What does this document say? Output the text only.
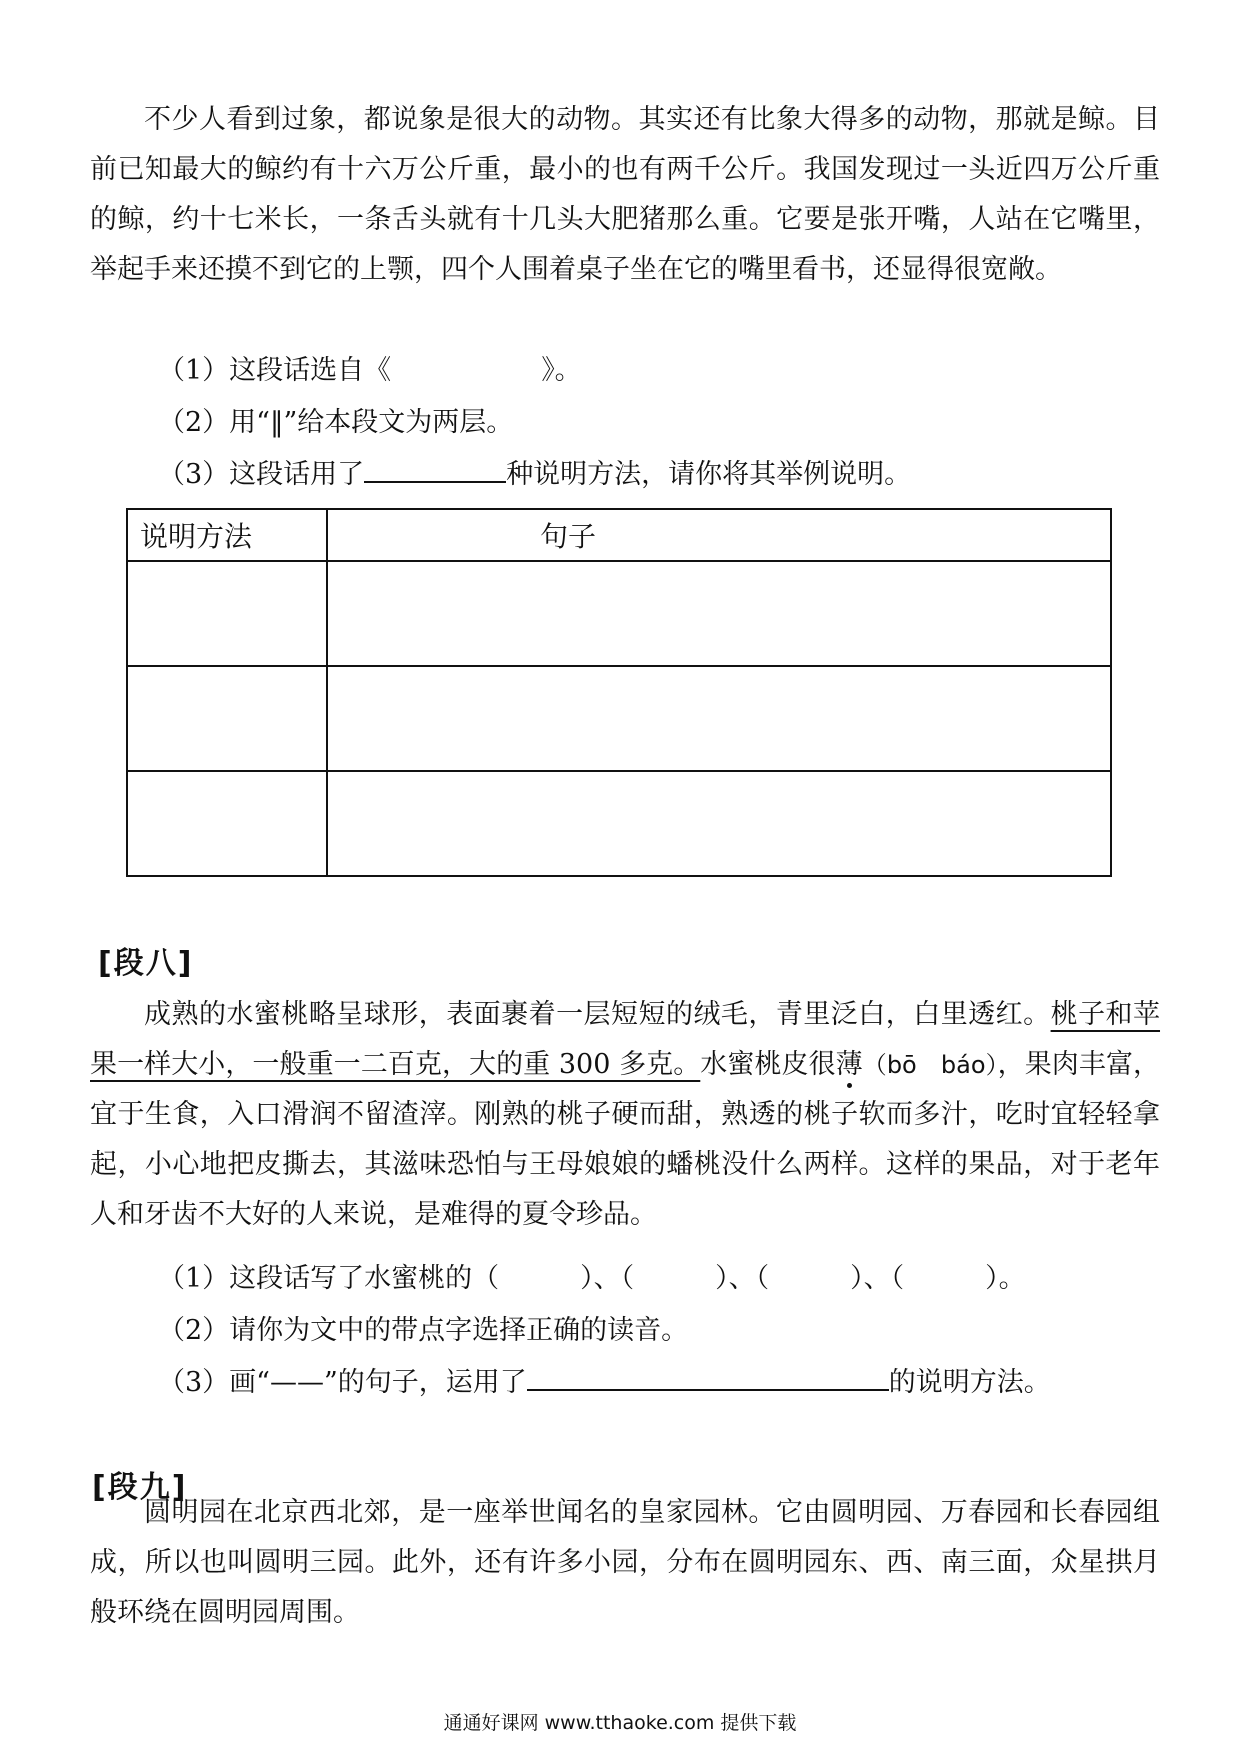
不少人看到过象，都说象是很大的动物。其实还有比象大得多的动物，那就是鲸。目前已知最大的鲸约有十六万公斤重，最小的也有两千公斤。我国发现过一头近四万公斤重的鲸，约十七米长，一条舌头就有十几头大肥猪那么重。它要是张开嘴，人站在它嘴里，举起手来还摸不到它的上颚，四个人围着桌子坐在它的嘴里看书，还显得很宽敞。
（1）这段话选自《	》。
（2）用“‖”给本段文为两层。
（3）这段话用了	种说明方法，请你将其举例说明。
说明方法	句子

[段八]
成熟的水蜜桃略呈球形，表面裹着一层短短的绒毛，青里泛白，白里透红。桃子和苹果一样大小，一般重一二百克，大的重 300 多克。水蜜桃皮很薄（bō　báo），果肉丰富，宜于生食，入口滑润不留渣滓。刚熟的桃子硬而甜，熟透的桃子软而多汁，吃时宜轻轻拿起，小心地把皮撕去，其滋味恐怕与王母娘娘的蟠桃没什么两样。这样的果品，对于老年人和牙齿不大好的人来说，是难得的夏令珍品。
（1）这段话写了水蜜桃的（　　　）、（　　　）、（　　　）、（　　　）。
（2）请你为文中的带点字选择正确的读音。
（3）画“——”的句子，运用了	的说明方法。
[段九]
圆明园在北京西北郊，是一座举世闻名的皇家园林。它由圆明园、万春园和长春园组成，所以也叫圆明三园。此外，还有许多小园，分布在圆明园东、西、南三面，众星拱月般环绕在圆明园周围。
通通好课网 www.tthaoke.com 提供下载
